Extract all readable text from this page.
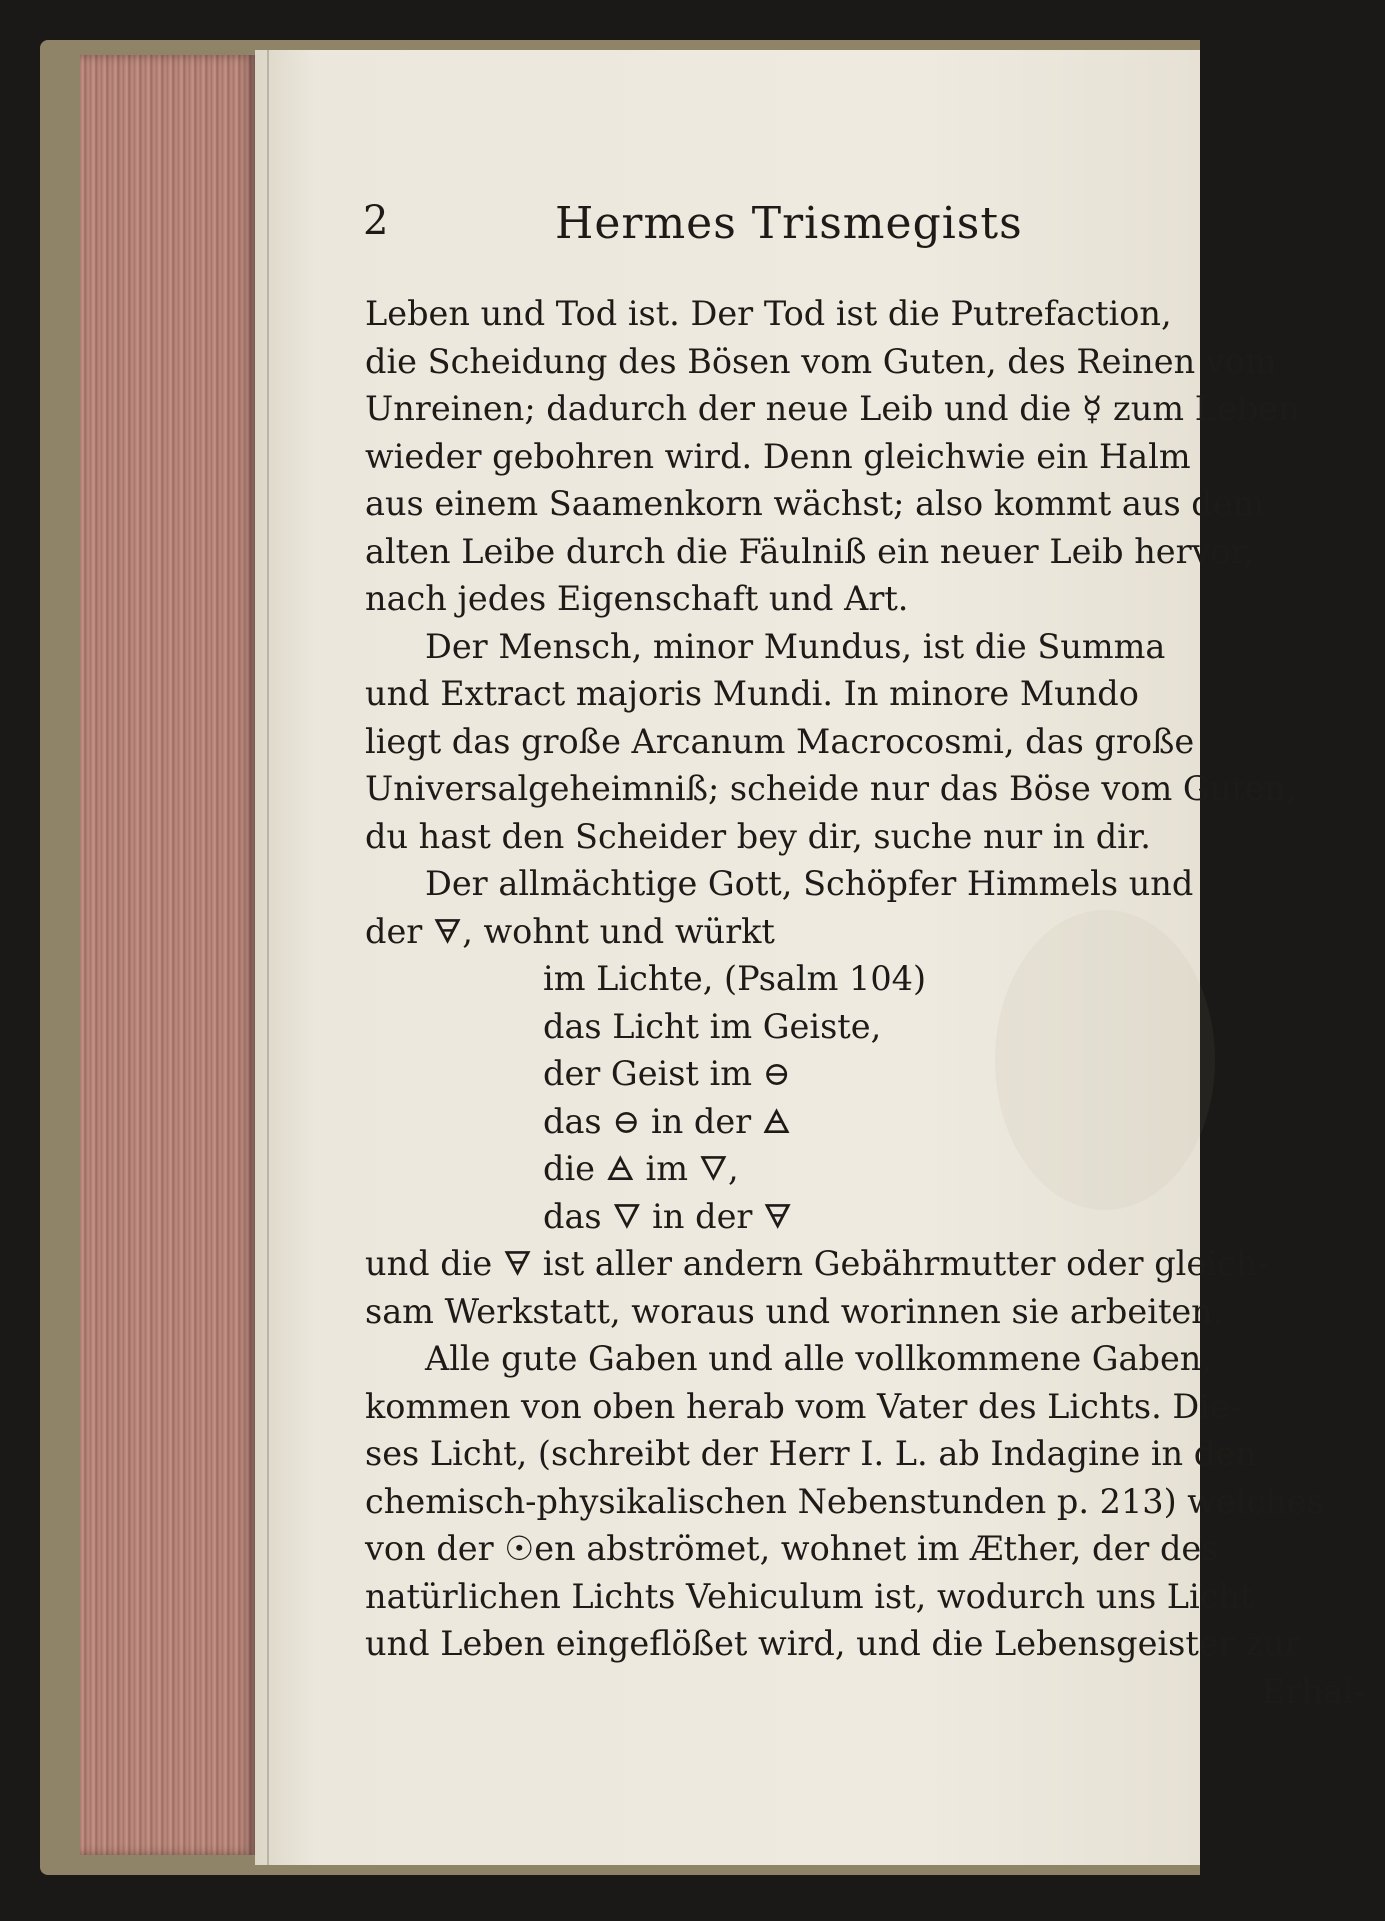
2	Hermes Trismegists
Leben und Tod ist. Der Tod ist die Putrefaction,
die Scheidung des Bösen vom Guten, des Reinen vom
Unreinen; dadurch der neue Leib und die ☿ zum Leben
wieder gebohren wird. Denn gleichwie ein Halm
aus einem Saamenkorn wächst; also kommt aus dem
alten Leibe durch die Fäulniß ein neuer Leib hervor,
nach jedes Eigenschaft und Art.
Der Mensch, minor Mundus, ist die Summa
und Extract majoris Mundi. In minore Mundo
liegt das große Arcanum Macrocosmi, das große
Universalgeheimniß; scheide nur das Böse vom Guten,
du hast den Scheider bey dir, suche nur in dir.
Der allmächtige Gott, Schöpfer Himmels und
der 🜃, wohnt und würkt
im Lichte, (Psalm 104)
das Licht im Geiste,
der Geist im ⊖
das ⊖ in der 🜁
die 🜁 im 🜄,
das 🜄 in der 🜃
und die 🜃 ist aller andern Gebährmutter oder gleich-
sam Werkstatt, woraus und worinnen sie arbeiten.
Alle gute Gaben und alle vollkommene Gaben,
kommen von oben herab vom Vater des Lichts. Die-
ses Licht, (schreibt der Herr I. L. ab Indagine in den
chemisch-physikalischen Nebenstunden p. 213) welches
von der ☉en abströmet, wohnet im Æther, der des
natürlichen Lichts Vehiculum ist, wodurch uns Licht
und Leben eingeflößet wird, und die Lebensgeister zur
Erhal-
